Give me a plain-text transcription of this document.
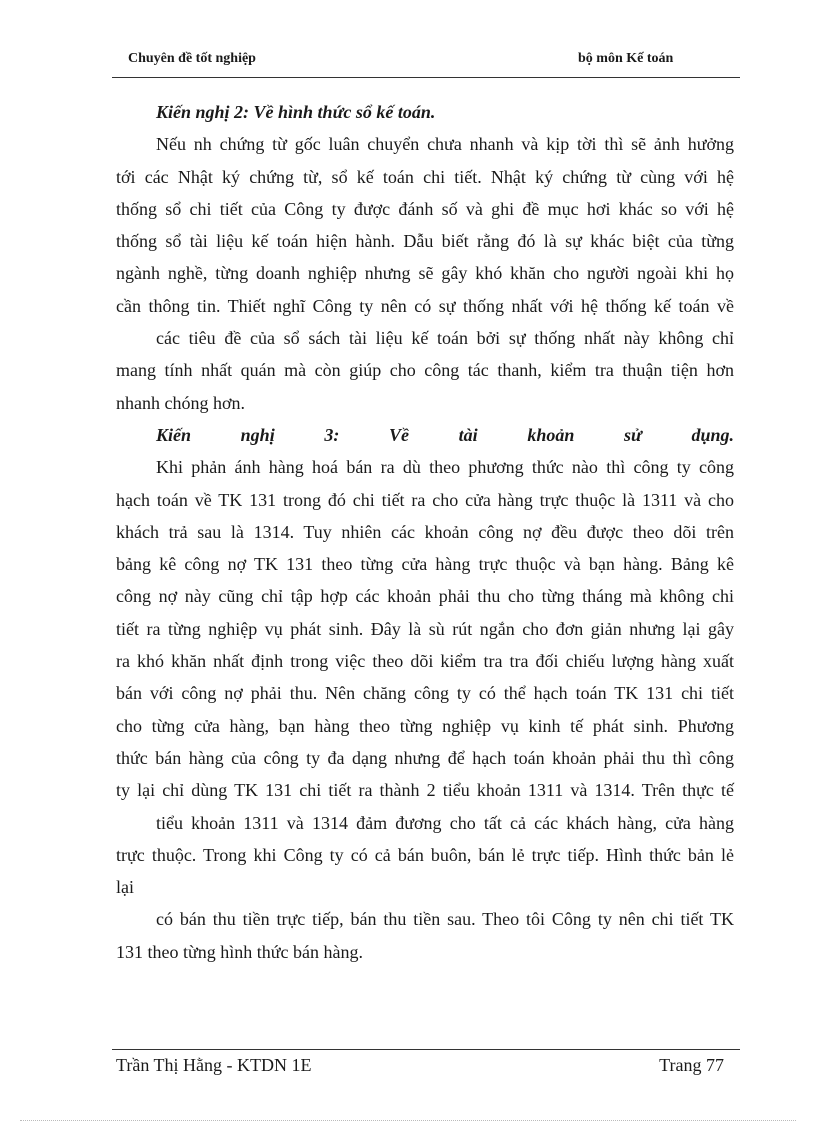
Chuyên đề tốt nghiệp	bộ môn Kế toán
Kiến nghị 2: Về hình thức sổ kế toán.
Nếu nh chứng từ gốc luân chuyển chưa nhanh và kịp tời thì sẽ ảnh hưởng
tới các Nhật ký chứng từ, sổ kế toán chi tiết. Nhật ký chứng từ cùng với hệ
thống sổ chi tiết của Công ty được đánh số và ghi đề mục hơi khác so với hệ
thống sổ tài liệu kế toán hiện hành. Dẫu biết rằng đó là sự khác biệt của từng
ngành nghề, từng doanh nghiệp nhưng sẽ gây khó khăn cho người ngoài khi họ
cần thông tin. Thiết nghĩ Công ty nên có sự thống nhất với hệ thống kế toán về
các tiêu đề của sổ sách tài liệu kế toán bởi sự thống nhất này không chỉ
mang tính nhất quán mà còn giúp cho công tác thanh, kiểm tra thuận tiện hơn
nhanh chóng hơn.
Kiến nghị 3: Về tài khoản sử dụng.
Khi phản ánh hàng hoá bán ra dù theo phương thức nào thì công ty công
hạch toán về TK 131 trong đó chi tiết ra cho cửa hàng trực thuộc là 1311 và cho
khách trả sau là 1314. Tuy nhiên các khoản công nợ đều được theo dõi trên
bảng kê công nợ TK 131 theo từng cửa hàng trực thuộc và bạn hàng. Bảng kê
công nợ này cũng chỉ tập hợp các khoản phải thu cho từng tháng mà không chi
tiết ra từng nghiệp vụ phát sinh. Đây là sù rút ngắn cho đơn giản nhưng lại gây
ra khó khăn nhất định trong việc theo dõi kiểm tra tra đối chiếu lượng hàng xuất
bán với công nợ phải thu. Nên chăng công ty có thể hạch toán TK 131 chi tiết
cho từng cửa hàng, bạn hàng theo từng nghiệp vụ kinh tế phát sinh. Phương
thức bán hàng của công ty đa dạng nhưng để hạch toán khoản phải thu thì công
ty lại chỉ dùng TK 131 chi tiết ra thành 2 tiểu khoản 1311 và 1314. Trên thực tế
tiểu khoản 1311 và 1314 đảm đương cho tất cả các khách hàng, cửa hàng
trực thuộc. Trong khi Công ty có cả bán buôn, bán lẻ trực tiếp. Hình thức bản lẻ
lại
có bán thu tiền trực tiếp, bán thu tiền sau. Theo tôi Công ty nên chi tiết TK
131 theo từng hình thức bán hàng.
Trần Thị Hằng - KTDN 1E	Trang 77
